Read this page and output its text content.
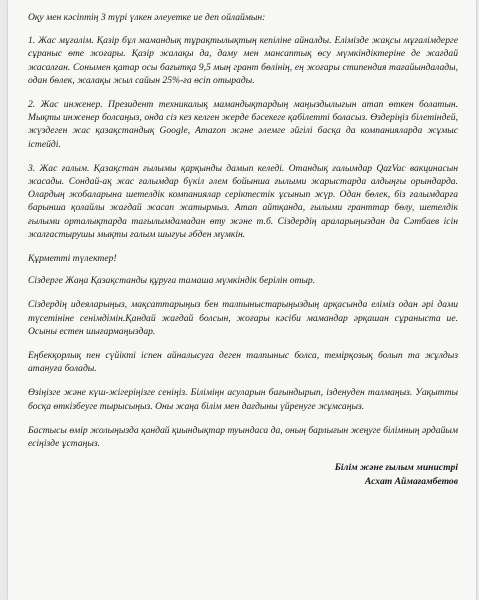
Оқу мен кәсіптің 3 түрі үлкен әлеуетке ие деп ойлаймын:

1. Жас мұғалім. Қазір бұл мамандық тұрақтылықтың кепіліне айналды. Елімізде жақсы мұғалімдерге сұраныс өте жоғары. Қазір жалақы да, даму мен мансаптық өсу мүмкіндіктеріне де жағдай жасалған. Сонымен қатар осы бағытқа 9,5 мың грант бөлінің, ең жоғары стипендия тағайындалады, одан бөлек, жалақы жыл сайын 25%-ға өсіп отырады.

2. Жас инженер. Президент техникалық мамандықтардың маңыздылығын атап өткен болатын. Мықты инженер болсаңыз, онда сіз кез келген жерде бәсекеге қабілетті боласыз. Өздеріңіз білетіндей, жүздеген жас қазақстандық Google, Amazon және әлемге әйгілі басқа да компанияларда жұмыс істейді.

3. Жас ғалым. Қазақстан ғылымы қарқынды дамып келеді. Отандық ғалымдар QazVac вакцинасын жасады. Сондай-ақ жас ғалымдар бүкіл әлем бойынша ғылыми жарыстарда алдыңғы орындарда. Олардың жобаларына шетелдік компаниялар серіктестік ұсынып жүр. Одан бөлек, біз ғалымдарға барынша қолайлы жағдай жасап жатырмыз. Атап айтқанда, ғылыми гранттар бөлу, шетелдік ғылыми орталықтарда тағылымдамадан өту және т.б. Сіздердің араларыңыздан да Сәтбаев ісін жалғастырушы мықты ғалым шығуы әбден мүмкін.

Құрметті түлектер!

Сіздерге Жаңа Қазақстанды құруға тамаша мүмкіндік берілін отыр.

Сіздердің идеяларыңыз, мақсаттарыңыз бен талпыныстарыңыздың арқасында еліміз одан әрі дами түсетініне сенімдімін.Қандай жағдай болсын, жоғары кәсіби мамандар әрқашан сұраныста ие. Осыны естен шығармаңыздар.

Еңбекқорлық пен сүйікті іспен айналысуға деген талпыныс болса, темірқозық болып та жұлдыз атануға болады.

Өзіңізге және күш-жігеріңізге сеніңіз. Біліміңн асуларын бағындырып, ізденуден талмаңыз. Уақытты босқа өткізбеуге тырысыңыз. Оны жаңа білім мен дағдыны үйренуге жұмсаңыз.

Бастысы өмір жолыңызда қандай қиындықтар туындаса да, оның барлығын жеңуге білімның әрдайым есіңізде ұстаңыз.

Білім және ғылым министрі
Асхат Аймағамбетов
